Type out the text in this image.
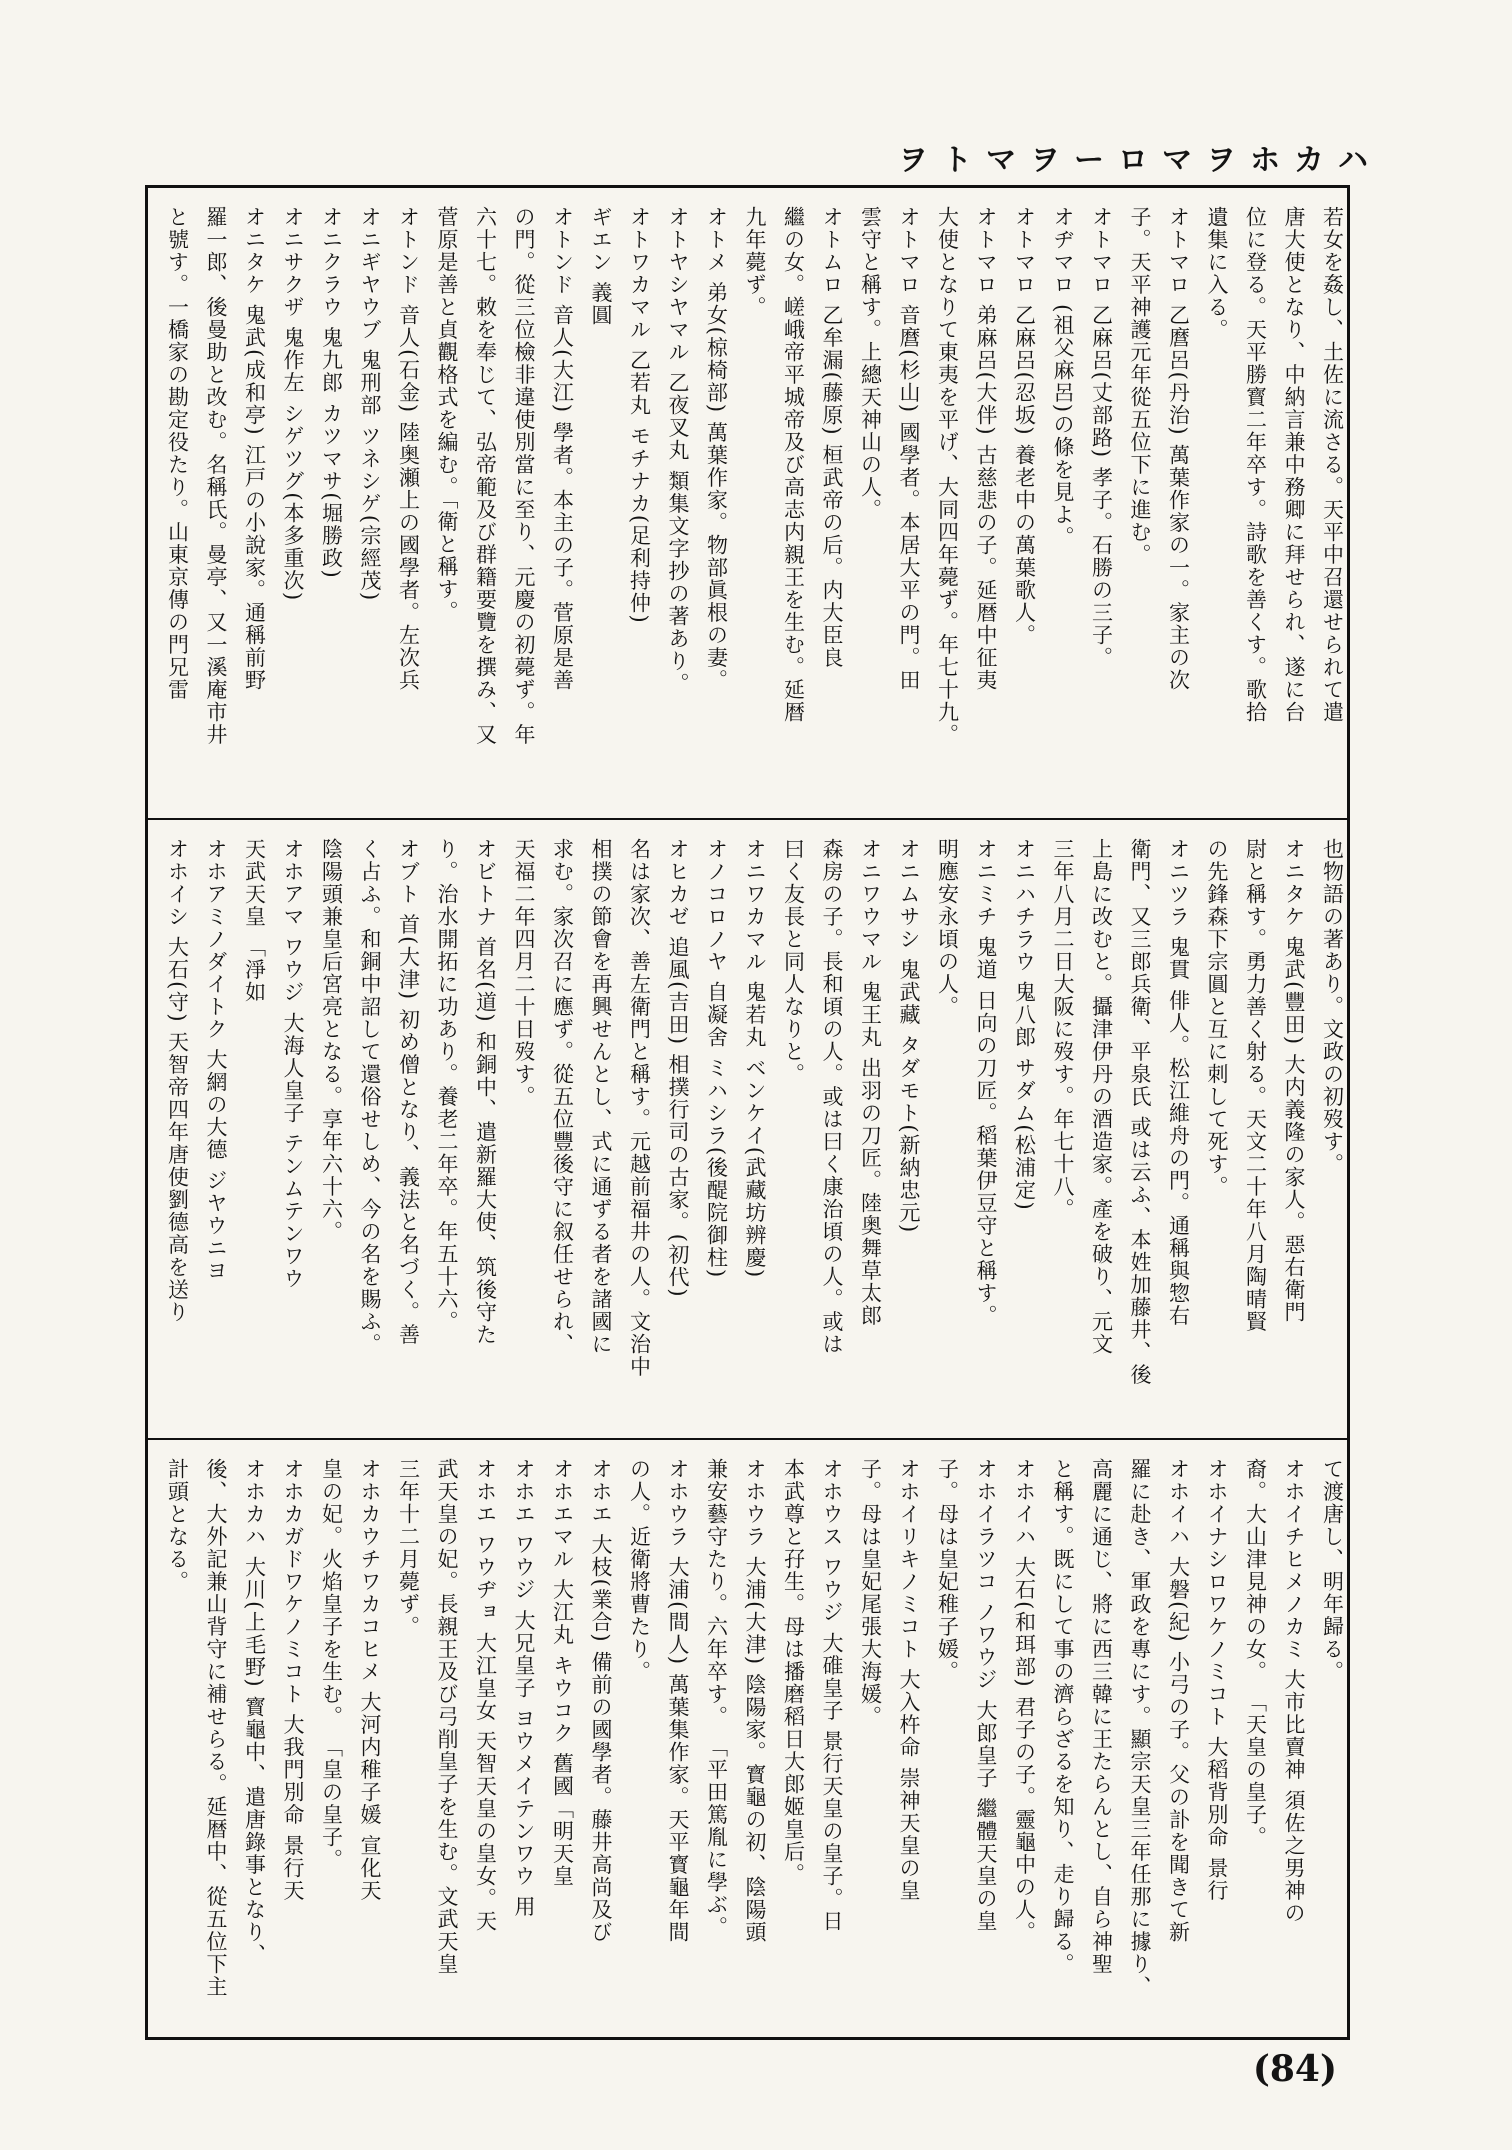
ヲトマヲーロマヲホカハ
若女を姦し、土佐に流さる。天平中召還せられて遣
唐大使となり、中納言兼中務卿に拜せられ、遂に台
位に登る。天平勝寳二年卒す。詩歌を善くす。歌拾
遺集に入る。
オトマロ 乙麿呂(丹治) 萬葉作家の一。家主の次
子。天平神護元年從五位下に進む。
オトマロ 乙麻呂(丈部路) 孝子。石勝の三子。
オヂマロ (祖父麻呂)の條を見よ。
オトマロ 乙麻呂(忍坂) 養老中の萬葉歌人。
オトマロ 弟麻呂(大伴) 古慈悲の子。延暦中征夷
大使となりて東夷を平げ、大同四年薨ず。年七十九。
オトマロ 音麿(杉山) 國學者。本居大平の門。田
雲守と稱す。上總天神山の人。
オトムロ 乙牟漏(藤原) 桓武帝の后。内大臣良
繼の女。嵯峨帝平城帝及び高志内親王を生む。延暦
九年薨ず。
オトメ 弟女(椋椅部) 萬葉作家。物部眞根の妻。
オトヤシヤマル 乙夜叉丸 類集文字抄の著あり。
オトワカマル 乙若丸 モチナカ(足利持仲)
ギエン 義圓
オトンド 音人(大江) 學者。本主の子。菅原是善
の門。從三位檢非違使別當に至り、元慶の初薨ず。年
六十七。敕を奉じて、弘帝範及び群籍要覽を撰み、又
菅原是善と貞觀格式を編む。「衛と稱す。
オトンド 音人(石金) 陸奥瀬上の國學者。左次兵
オニギヤウブ 鬼刑部 ツネシゲ(宗經茂)
オニクラウ 鬼九郎 カツマサ(堀勝政)
オニサクザ 鬼作左 シゲツグ(本多重次)
オニタケ 鬼武(成和亭) 江戸の小說家。通稱前野
羅一郎、後曼助と改む。名稱氏。曼亭、又一溪庵市井
と號す。一橋家の勘定役たり。山東京傳の門兄雷
也物語の著あり。文政の初歿す。
オニタケ 鬼武(豐田) 大内義隆の家人。惡右衛門
尉と稱す。勇力善く射る。天文二十年八月陶晴賢
の先鋒森下宗圓と互に刺して死す。
オニツラ 鬼貫 俳人。松江維舟の門。通稱與惣右
衛門、又三郎兵衛、平泉氏 或は云ふ、本姓加藤井、後
上島に改むと。攝津伊丹の酒造家。產を破り、元文
三年八月二日大阪に歿す。年七十八。
オニハチラウ 鬼八郎 サダム(松浦定)
オニミチ 鬼道 日向の刀匠。稻葉伊豆守と稱す。
明應安永頃の人。
オニムサシ 鬼武藏 タダモト(新納忠元)
オニワウマル 鬼王丸 出羽の刀匠。陸奥舞草太郎
森房の子。長和頃の人。或は曰く康治頃の人。或は
曰く友長と同人なりと。
オニワカマル 鬼若丸 ベンケイ(武藏坊辨慶)
オノコロノヤ 自凝舍 ミハシラ(後醍院御柱)
オヒカゼ 追風(吉田) 相撲行司の古家。(初代)
名は家次、善左衛門と稱す。元越前福井の人。文治中
相撲の節會を再興せんとし、式に通ずる者を諸國に
求む。家次召に應ず。從五位豐後守に叙任せられ、
天福二年四月二十日歿す。
オビトナ 首名(道) 和銅中、遣新羅大使、筑後守た
り。治水開拓に功あり。養老二年卒。年五十六。
オブト 首(大津) 初め僧となり、義法と名づく。善
く占ふ。和銅中詔して還俗せしめ、今の名を賜ふ。
陰陽頭兼皇后宮亮となる。享年六十六。
オホアマ ワウジ 大海人皇子 テンムテンワウ
天武天皇 「淨如
オホアミノダイトク 大網の大德 ジヤウニヨ
オホイシ 大石(守) 天智帝四年唐使劉德高を送り
て渡唐し、明年歸る。
オホイチヒメノカミ 大市比賣神 須佐之男神の
裔。大山津見神の女。 「天皇の皇子。
オホイナシロワケノミコト 大稻背別命 景行
オホイハ 大磐(紀) 小弓の子。父の訃を聞きて新
羅に赴き、軍政を專にす。顯宗天皇三年任那に據り、
高麗に通じ、將に西三韓に王たらんとし、自ら神聖
と稱す。既にして事の濟らざるを知り、走り歸る。
オホイハ 大石(和珥部) 君子の子。靈龜中の人。
オホイラツコ ノワウジ 大郎皇子 繼體天皇の皇
子。母は皇妃稚子媛。
オホイリキノミコト 大入杵命 崇神天皇の皇
子。母は皇妃尾張大海媛。
オホウス ワウジ 大碓皇子 景行天皇の皇子。日
本武尊と孖生。母は播磨稻日大郎姬皇后。
オホウラ 大浦(大津) 陰陽家。寳龜の初、陰陽頭
兼安藝守たり。六年卒す。 「平田篤胤に學ぶ。
オホウラ 大浦(間人) 萬葉集作家。天平寳龜年間
の人。近衛將曹たり。
オホエ 大枝(業合) 備前の國學者。藤井高尚及び
オホエマル 大江丸 キウコク 舊國「明天皇
オホエ ワウジ 大兄皇子 ヨウメイテンワウ 用
オホエ ワウヂョ 大江皇女 天智天皇の皇女。天
武天皇の妃。長親王及び弓削皇子を生む。文武天皇
三年十二月薨ず。
オホカウチワカコヒメ 大河内稚子媛 宣化天
皇の妃。火焰皇子を生む。 「皇の皇子。
オホカガドワケノミコト 大我門別命 景行天
オホカハ 大川(上毛野) 寳龜中、遣唐錄事となり、
後、大外記兼山背守に補せらる。延暦中、從五位下主
計頭となる。
(84)
